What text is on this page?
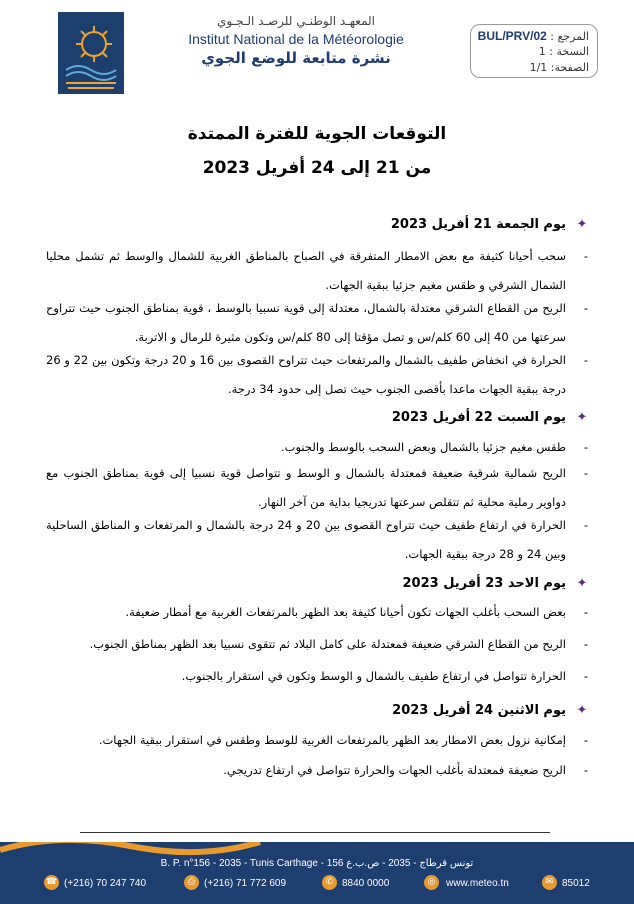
المعهـد الوطنـي للرصـد الـجـوي
Institut National de la Météorologie
نشرة متابعة للوضع الجوي
المرجع : BUL/PRV/02
النسخة : 1
الصفحة: 1/1
التوقعات الجوية للفترة الممتدة
من 21 إلى 24 أفريل 2023
✦يوم الجمعة 21 أفريل 2023
-
سحب أحيانا كثيفة مع بعض الامطار المتفرقة في الصباح بالمناطق الغربية للشمال والوسط ثم تشمل محليا الشمال الشرقي و طقس مغيم جزئيا ببقية الجهات.
-
الريح من القطاع الشرقي معتدلة بالشمال، معتدلة إلى قوية نسبيا بالوسط ، قوية بمناطق الجنوب حيث تتراوح سرعتها من 40 إلى 60 كلم/س و تصل مؤقتا إلى 80 كلم/س وتكون مثيرة للرمال و الاتربة.
-
الحرارة في انخفاض طفيف بالشمال والمرتفعات حيث تتراوح القصوى بين 16 و 20 درجة وتكون بين 22 و 26 درجة ببقية الجهات ماعدا بأقصى الجنوب حيث تصل إلى حدود 34 درجة.
✦يوم السبت 22 أفريل 2023
-
طقس مغيم جزئيا بالشمال وبعض السحب بالوسط والجنوب.
-
الريح شمالية شرقية ضعيفة فمعتدلة بالشمال و الوسط و تتواصل قوية نسبيا إلى قوية بمناطق الجنوب مع دواوير رملية محلية ثم تتقلص سرعتها تدريجيا بداية من آخر النهار.
-
الحرارة في ارتفاع طفيف حيث تتراوح القصوى بين 20 و 24 درجة بالشمال و المرتفعات و المناطق الساحلية وبين 24 و 28 درجة ببقية الجهات.
✦يوم الاحد 23 أفريل 2023
-
بعض السحب بأغلب الجهات تكون أحيانا كثيفة بعد الظهر بالمرتفعات الغربية مع أمطار ضعيفة.
-
الريح من القطاع الشرقي ضعيفة فمعتدلة على كامل البلاد ثم تتقوى نسبيا بعد الظهر بمناطق الجنوب.
-
الحرارة تتواصل في ارتفاع طفيف بالشمال و الوسط وتكون في استقرار بالجنوب.
✦يوم الاثنين 24 أفريل 2023
-
إمكانية نزول بعض الامطار بعد الظهر بالمرتفعات الغربية للوسط وطقس في استقرار ببقية الجهات.
-
الريح ضعيفة فمعتدلة بأغلب الجهات والحرارة تتواصل في ارتفاع تدريجي.
B. P. n°156 - 2035 - Tunis Carthage - تونس قرطاج - 2035 - ص.ب.ع 156
☎ (+216) 70 247 740	⎙ (+216) 71 772 609	✆ 8840 0000	◎	www.meteo.tn	✉ 85012
